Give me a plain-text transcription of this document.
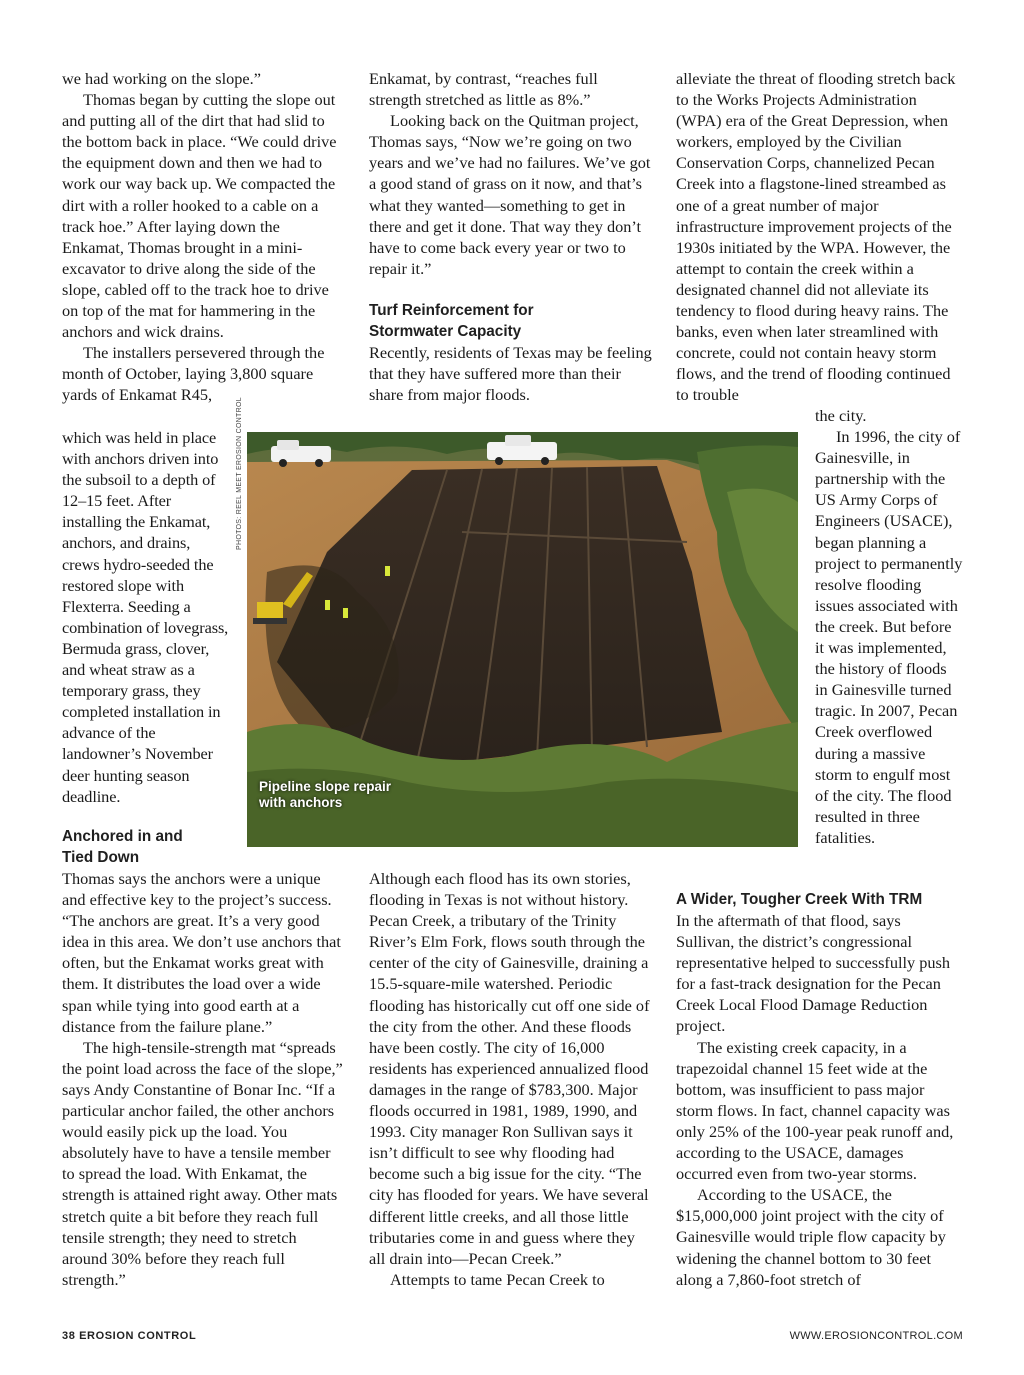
we had working on the slope.”

Thomas began by cutting the slope out and putting all of the dirt that had slid to the bottom back in place. “We could drive the equipment down and then we had to work our way back up. We compacted the dirt with a roller hooked to a cable on a track hoe.” After laying down the Enkamat, Thomas brought in a mini-excavator to drive along the side of the slope, cabled off to the track hoe to drive on top of the mat for hammering in the anchors and wick drains.

The installers persevered through the month of October, laying 3,800 square yards of Enkamat R45,

which was held in place with anchors driven into the subsoil to a depth of 12–15 feet. After installing the Enkamat, anchors, and drains, crews hydro-seeded the restored slope with Flexterra. Seeding a combination of lovegrass, Bermuda grass, clover, and wheat straw as a temporary grass, they completed installation in advance of the landowner’s November deer hunting season deadline.

Anchored in and Tied Down

Thomas says the anchors were a unique and effective key to the project’s success. “The anchors are great. It’s a very good idea in this area. We don’t use anchors that often, but the Enkamat works great with them. It distributes the load over a wide span while tying into good earth at a distance from the failure plane.”

The high-tensile-strength mat “spreads the point load across the face of the slope,” says Andy Constantine of Bonar Inc. “If a particular anchor failed, the other anchors would easily pick up the load. You absolutely have to have a tensile member to spread the load. With Enkamat, the strength is attained right away. Other mats stretch quite a bit before they reach full tensile strength; they need to stretch around 30% before they reach full strength.”

Enkamat, by contrast, “reaches full strength stretched as little as 8%.”

Looking back on the Quitman project, Thomas says, “Now we’re going on two years and we’ve had no failures. We’ve got a good stand of grass on it now, and that’s what they wanted—something to get in there and get it done. That way they don’t have to come back every year or two to repair it.”

Turf Reinforcement for Stormwater Capacity

Recently, residents of Texas may be feeling that they have suffered more than their share from major floods.

Although each flood has its own stories, flooding in Texas is not without history. Pecan Creek, a tributary of the Trinity River’s Elm Fork, flows south through the center of the city of Gainesville, draining a 15.5-square-mile watershed. Periodic flooding has historically cut off one side of the city from the other. And these floods have been costly. The city of 16,000 residents has experienced annualized flood damages in the range of $783,300. Major floods occurred in 1981, 1989, 1990, and 1993. City manager Ron Sullivan says it isn’t difficult to see why flooding had become such a big issue for the city. “The city has flooded for years. We have several different little creeks, and all those little tributaries come in and guess where they all drain into—Pecan Creek.”

Attempts to tame Pecan Creek to

alleviate the threat of flooding stretch back to the Works Projects Administration (WPA) era of the Great Depression, when workers, employed by the Civilian Conservation Corps, channelized Pecan Creek into a flagstone-lined streambed as one of a great number of major infrastructure improvement projects of the 1930s initiated by the WPA. However, the attempt to contain the creek within a designated channel did not alleviate its tendency to flood during heavy rains. The banks, even when later streamlined with concrete, could not contain heavy storm flows, and the trend of flooding continued to trouble

the city.

In 1996, the city of Gainesville, in partnership with the US Army Corps of Engineers (USACE), began planning a project to permanently resolve flooding issues associated with the creek. But before it was implemented, the history of floods in Gainesville turned tragic. In 2007, Pecan Creek overflowed during a massive storm to engulf most of the city. The flood resulted in three fatalities.

A Wider, Tougher Creek With TRM

In the aftermath of that flood, says Sullivan, the district’s congressional representative helped to successfully push for a fast-track designation for the Pecan Creek Local Flood Damage Reduction project.

The existing creek capacity, in a trapezoidal channel 15 feet wide at the bottom, was insufficient to pass major storm flows. In fact, channel capacity was only 25% of the 100-year peak runoff and, according to the USACE, damages occurred even from two-year storms.

According to the USACE, the $15,000,000 joint project with the city of Gainesville would triple flow capacity by widening the channel bottom to 30 feet along a 7,860-foot stretch of

PHOTOS: REEL MEET EROSION CONTROL
Pipeline slope repair
with anchors
38 EROSION CONTROL	WWW.EROSIONCONTROL.COM
